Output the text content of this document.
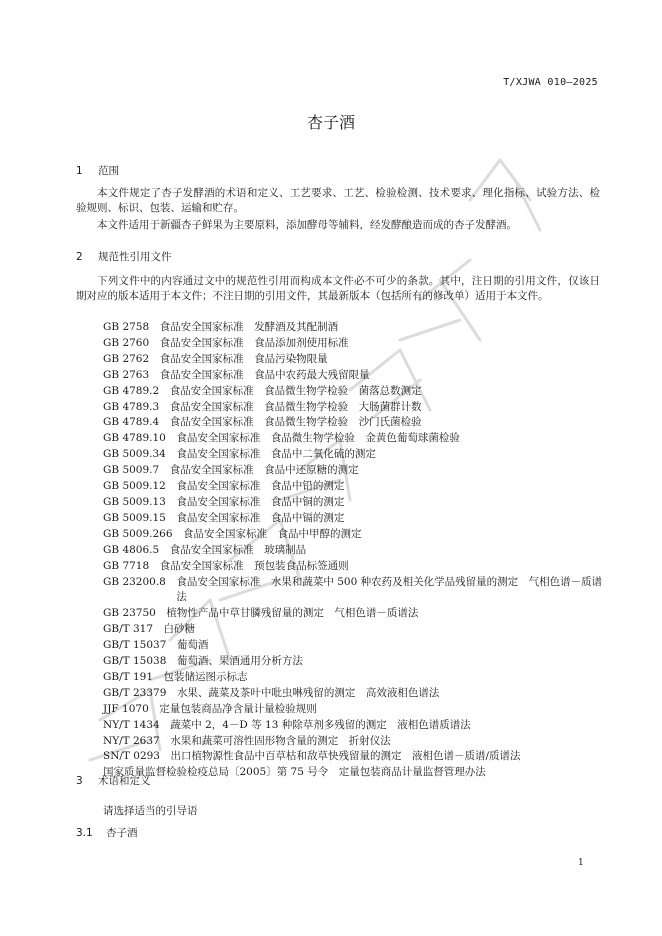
T/XJWA 010—2025
杏子酒
1 范围
本文件规定了杏子发酵酒的术语和定义、工艺要求、工艺、检验检测、技术要求、理化指标、试验方法、检验规则、标识、包装、运输和贮存。
本文件适用于新疆杏子鲜果为主要原料，添加酵母等辅料，经发酵酿造而成的杏子发酵酒。
2 规范性引用文件
下列文件中的内容通过文中的规范性引用而构成本文件必不可少的条款。其中，注日期的引用文件，仅该日期对应的版本适用于本文件；不注日期的引用文件，其最新版本（包括所有的修改单）适用于本文件。
GB 2758
　 食品安全国家标准　发酵酒及其配制酒
GB 2760
　 食品安全国家标准　食品添加剂使用标准
GB 2762
　 食品安全国家标准　食品污染物限量
GB 2763
　 食品安全国家标准　食品中农药最大残留限量
GB 4789.2
　 食品安全国家标准　食品微生物学检验　菌落总数测定
GB 4789.3
　 食品安全国家标准　食品微生物学检验　大肠菌群计数
GB 4789.4
　 食品安全国家标准　食品微生物学检验　沙门氏菌检验
GB 4789.10
　 食品安全国家标准　食品微生物学检验　金黄色葡萄球菌检验
GB 5009.34
　 食品安全国家标准　食品中二氧化硫的测定
GB 5009.7
　 食品安全国家标准　食品中还原糖的测定
GB 5009.12
　 食品安全国家标准　食品中铅的测定
GB 5009.13
　 食品安全国家标准　食品中铜的测定
GB 5009.15
　 食品安全国家标准　食品中镉的测定
GB 5009.266
　 食品安全国家标准　食品中甲醇的测定
GB 4806.5
　 食品安全国家标准　玻璃制品
GB 7718
　 食品安全国家标准　预包装食品标签通则
GB 23200.8
　 食品安全国家标准　水果和蔬菜中 500 种农药及相关化学品残留量的测定　气相色谱－质谱法
GB 23750
　 植物性产品中草甘膦残留量的测定　气相色谱－质谱法
GB/T 317
　 白砂糖
GB/T 15037
　 葡萄酒
GB/T 15038
　 葡萄酒、果酒通用分析方法
GB/T 191
　 包装储运图示标志
GB/T 23379
　 水果、蔬菜及茶叶中吡虫啉残留的测定　高效液相色谱法
JJF 1070
　 定量包装商品净含量计量检验规则
NY/T 1434
　 蔬菜中 2，4－D 等 13 种除草剂多残留的测定　液相色谱质谱法
NY/T 2637
　 水果和蔬菜可溶性固形物含量的测定　折射仪法
SN/T 0293
　 出口植物源性食品中百草枯和敌草快残留量的测定　液相色谱－质谱/质谱法
国家质量监督检验检疫总局〔2005〕第 75 号令　定量包装商品计量监督管理办法
3 术语和定义
请选择适当的引导语
3.1 杏子酒
1
